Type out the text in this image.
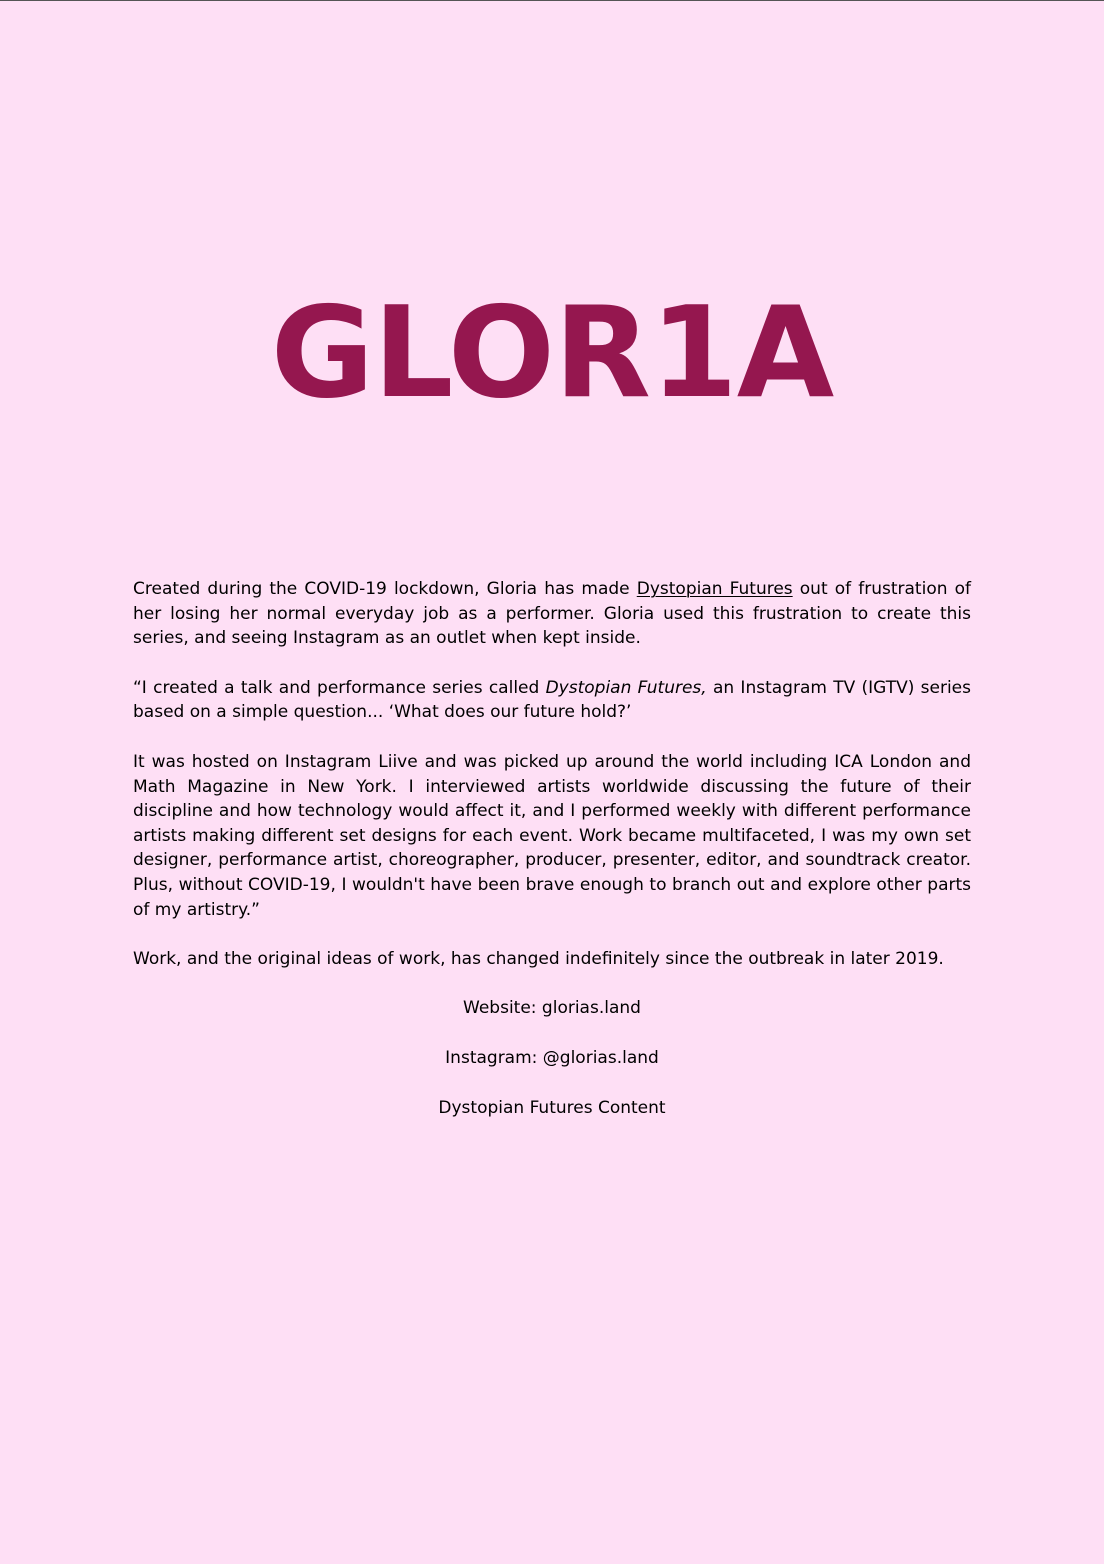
GLOR1A

Created during the COVID-19 lockdown, Gloria has made Dystopian Futures out of frustration of her losing her normal everyday job as a performer. Gloria used this frustration to create this series, and seeing Instagram as an outlet when kept inside.

“I created a talk and performance series called Dystopian Futures, an Instagram TV (IGTV) series based on a simple question... ‘What does our future hold?’

It was hosted on Instagram Liive and was picked up around the world including ICA London and Math Magazine in New York. I interviewed artists worldwide discussing the future of their discipline and how technology would affect it, and I performed weekly with different performance artists making different set designs for each event. Work became multifaceted, I was my own set designer, performance artist, choreographer, producer, presenter, editor, and soundtrack creator. Plus, without COVID-19, I wouldn't have been brave enough to branch out and explore other parts of my artistry.”

Work, and the original ideas of work, has changed indefinitely since the outbreak in later 2019.

Website: glorias.land

Instagram: @glorias.land

Dystopian Futures Content
